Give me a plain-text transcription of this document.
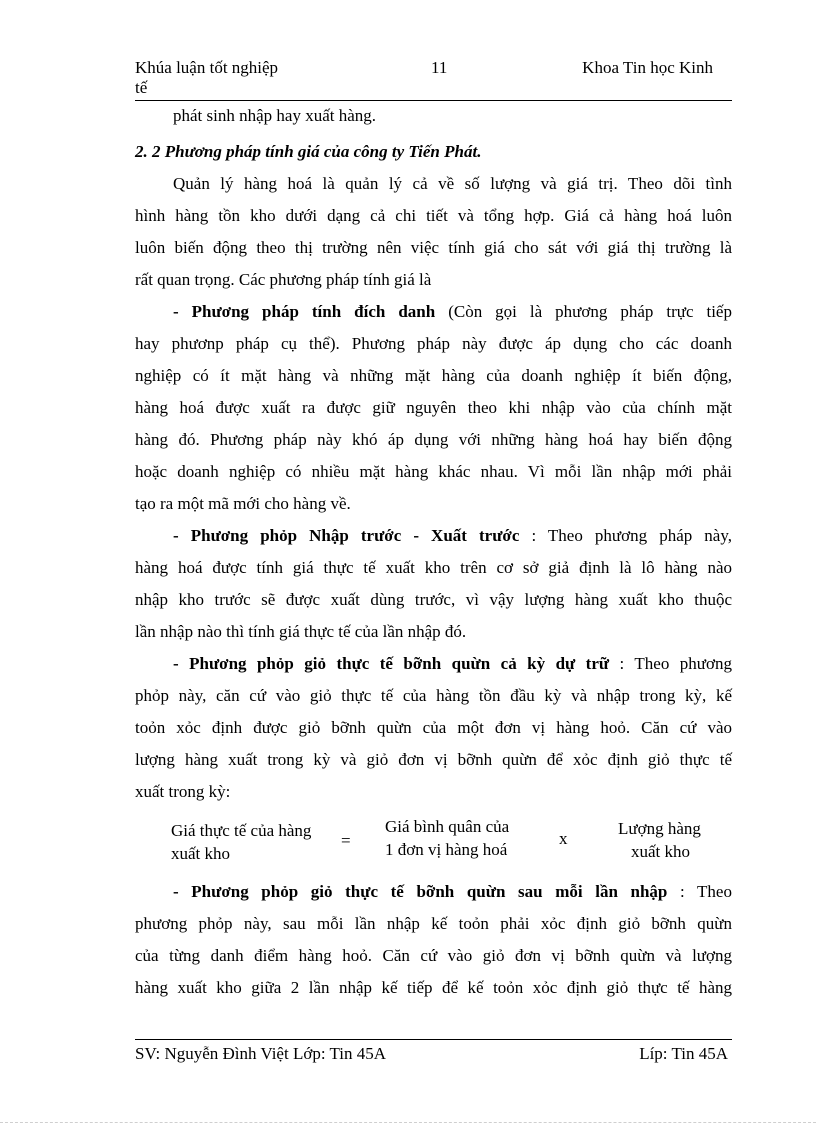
Khúa luận tốt nghiệp
tế
11	Khoa Tin học Kinh
phát sinh nhập hay xuất hàng.
2. 2 Phương pháp tính giá của công ty Tiến Phát.
Quản lý hàng hoá là quản lý cả về số lượng và giá trị. Theo dõi tình
hình hàng tồn kho dưới dạng cả chi tiết và tổng hợp. Giá cả hàng hoá luôn
luôn biến động theo thị trường nên việc tính giá cho sát với giá thị trường là
rất quan trọng. Các phương pháp tính giá là
- Phương pháp tính đích danh (Còn gọi là phương pháp trực tiếp
hay phươnp pháp cụ thể). Phương pháp này được áp dụng cho các doanh
nghiệp có ít mặt hàng và những mặt hàng của doanh nghiệp ít biến động,
hàng hoá được xuất ra được giữ nguyên theo khi nhập vào của chính mặt
hàng đó. Phương pháp này khó áp dụng với những hàng hoá hay biến động
hoặc doanh nghiệp có nhiều mặt hàng khác nhau. Vì mỗi lần nhập mới phải
tạo ra một mã mới cho hàng về.
- Phương phỏp Nhập trước - Xuất trước : Theo phương pháp này,
hàng hoá được tính giá thực tế xuất kho trên cơ sở giả định là lô hàng nào
nhập kho trước sẽ được xuất dùng trước, vì vậy lượng hàng xuất kho thuộc
lần nhập nào thì tính giá thực tế của lần nhập đó.
- Phương phỏp giỏ thực tế bỡnh quừn cả kỳ dự trữ : Theo phương
phỏp này, căn cứ vào giỏ thực tế của hàng tồn đầu kỳ và nhập trong kỳ, kế
toỏn xỏc định được giỏ bỡnh quừn của một đơn vị hàng hoỏ. Căn cứ vào
lượng hàng xuất trong kỳ và giỏ đơn vị bỡnh quừn để xỏc định giỏ thực tế
xuất trong kỳ:
Giá thực tế của hàng
xuất kho
=
Giá bình quân của
1 đơn vị hàng hoá
x
Lượng hàng
xuất kho
- Phương phỏp giỏ thực tế bỡnh quừn sau mỗi lần nhập : Theo
phương phỏp này, sau mỗi lần nhập kế toỏn phải xỏc định giỏ bỡnh quừn
của từng danh điểm hàng hoỏ. Căn cứ vào giỏ đơn vị bỡnh quừn và lượng
hàng xuất kho giữa 2 lần nhập kế tiếp để kế toỏn xỏc định giỏ thực tế hàng
SV: Nguyễn Đình Việt Lớp: Tin 45A	Líp: Tin 45A
